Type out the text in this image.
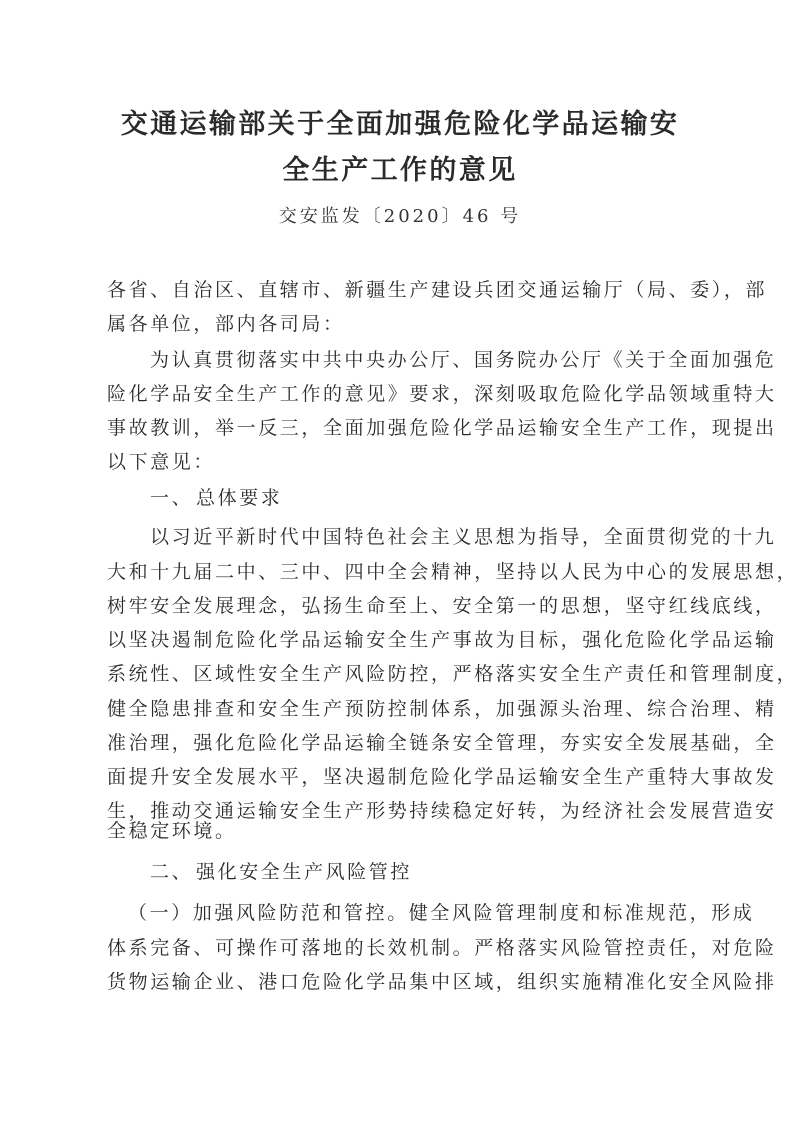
交通运输部关于全面加强危险化学品运输安
全生产工作的意见
交安监发〔2020〕46 号
各省、自治区、直辖市、新疆生产建设兵团交通运输厅（局、委），部
属各单位，部内各司局：
为认真贯彻落实中共中央办公厅、国务院办公厅《关于全面加强危
险化学品安全生产工作的意见》要求，深刻吸取危险化学品领域重特大
事故教训，举一反三，全面加强危险化学品运输安全生产工作，现提出
以下意见：
一、 总体要求
以习近平新时代中国特色社会主义思想为指导，全面贯彻党的十九
大和十九届二中、三中、四中全会精神，坚持以人民为中心的发展思想，
树牢安全发展理念，弘扬生命至上、安全第一的思想，坚守红线底线，
以坚决遏制危险化学品运输安全生产事故为目标，强化危险化学品运输
系统性、区域性安全生产风险防控，严格落实安全生产责任和管理制度，
健全隐患排查和安全生产预防控制体系，加强源头治理、综合治理、精
准治理，强化危险化学品运输全链条安全管理，夯实安全发展基础，全
面提升安全发展水平，坚决遏制危险化学品运输安全生产重特大事故发
生，推动交通运输安全生产形势持续稳定好转，为经济社会发展营造安
全稳定环境。
二、 强化安全生产风险管控
（一）加强风险防范和管控。健全风险管理制度和标准规范，形成
体系完备、可操作可落地的长效机制。严格落实风险管控责任，对危险
货物运输企业、港口危险化学品集中区域，组织实施精准化安全风险排
